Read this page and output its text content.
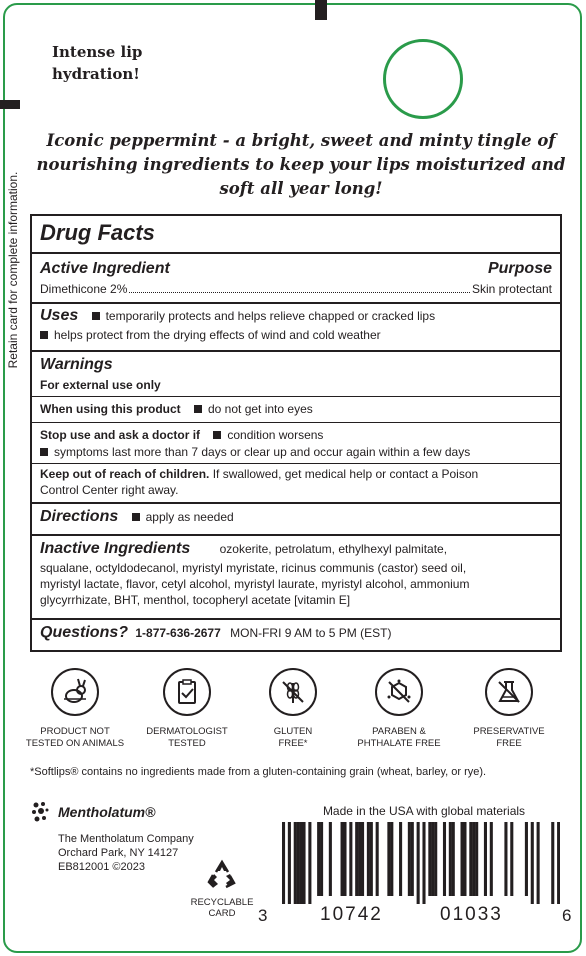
Intense lip hydration!
Iconic peppermint - a bright, sweet and minty tingle of nourishing ingredients to keep your lips moisturized and soft all year long!
Retain card for complete information. Drug Facts
Active Ingredient	Purpose
Dimethicone 2%	Skin protectant
Uses temporarily protects and helps relieve chapped or cracked lips
helps protect from the drying effects of wind and cold weather
Warnings
For external use only
When using this product do not get into eyes
Stop use and ask a doctor if condition worsens
symptoms last more than 7 days or clear up and occur again within a few days
Keep out of reach of children. If swallowed, get medical help or contact a Poison
Control Center right away.
Directions apply as needed
Inactive Ingredients ozokerite, petrolatum, ethylhexyl palmitate,
squalane, octyldodecanol, myristyl myristate, ricinus communis (castor) seed oil,
myristyl lactate, flavor, cetyl alcohol, myristyl laurate, myristyl alcohol, ammonium
glycyrrhizate, BHT, menthol, tocopheryl acetate [vitamin E]
Questions? 1-877-636-2677 MON-FRI 9 AM to 5 PM (EST)
PRODUCT NOT
TESTED ON ANIMALS
DERMATOLOGIST
TESTED
GLUTEN
FREE*
PARABEN &
PHTHALATE FREE
PRESERVATIVE
FREE
*Softlips® contains no ingredients made from a gluten-containing grain (wheat, barley, or rye).
Mentholatum®
The Mentholatum Company
Orchard Park, NY 14127
EB812001 ©2023
RECYCLABLE
CARD
Made in the USA with global materials
3	10742	01033	6
